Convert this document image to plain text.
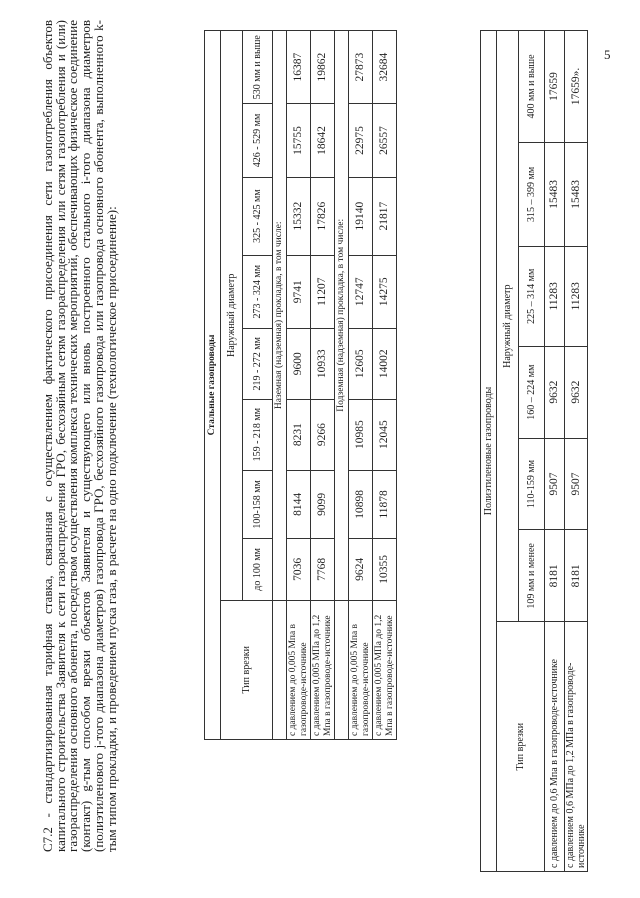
5

С7.2 - стандартизированная тарифная ставка, связанная с осуществлением фактического присоединения сети газопотребления объектов капитального строительства Заявителя к сети газораспределения ГРО, бесхозяйным сетям газораспределения или сетям газопотребления и (или) газораспределения основного абонента, посредством осуществления комплекса технических мероприятий, обеспечивающих физическое соединение (контакт) g-тым способом врезки объектов Заявителя и существующего или вновь построенного стального i-того диапазона диаметров (полиэтиленового j-того диапазона диаметров) газопровода ГРО, бесхозяйного газопровода или газопровода основного абонента, выполненного k-тым типом прокладки, и проведением пуска газа, в расчете на одно подключение (технологическое присоединение):	Стальные газопроводы								
Тип врезки	Наружный диаметр							
	до 100 мм	100-158 мм	159 - 218 мм	219 - 272 мм	273 - 324 мм	325 - 425 мм	426 - 529 мм	530 мм и выше
	Наземная (надземная) прокладка, в том числе:							
с давлением до 0,005 Мпа в газопроводе-источнике	7036	8144	8231	9600	9741	15332	15755	16387
с давлением 0,005 МПа до 1,2 Мпа в газопроводе-источнике	7768	9099	9266	10933	11207	17826	18642	19862
	Подземная (надземная) прокладка, в том числе:							
с давлением до 0,005 Мпа в газопроводе-источнике	9624	10898	10985	12605	12747	19140	22975	27873
с давлением 0,005 МПа до 1,2 Мпа в газопроводе-источнике	10355	11878	12045	14002	14275	21817	26557	32684
Полиэтиленовые газопроводы						
Тип врезки	Наружный диаметр					
	109 мм и менее	110-159 мм	160 – 224 мм	225 – 314 мм	315 – 399 мм	400 мм и выше
с давлением до 0,6 Мпа в газопроводе-источнике	8181	9507	9632	11283	15483	17659
с давлением 0,6 МПа до 1,2 МПа в газопроводе-источнике	8181	9507	9632	11283	15483	17659».
